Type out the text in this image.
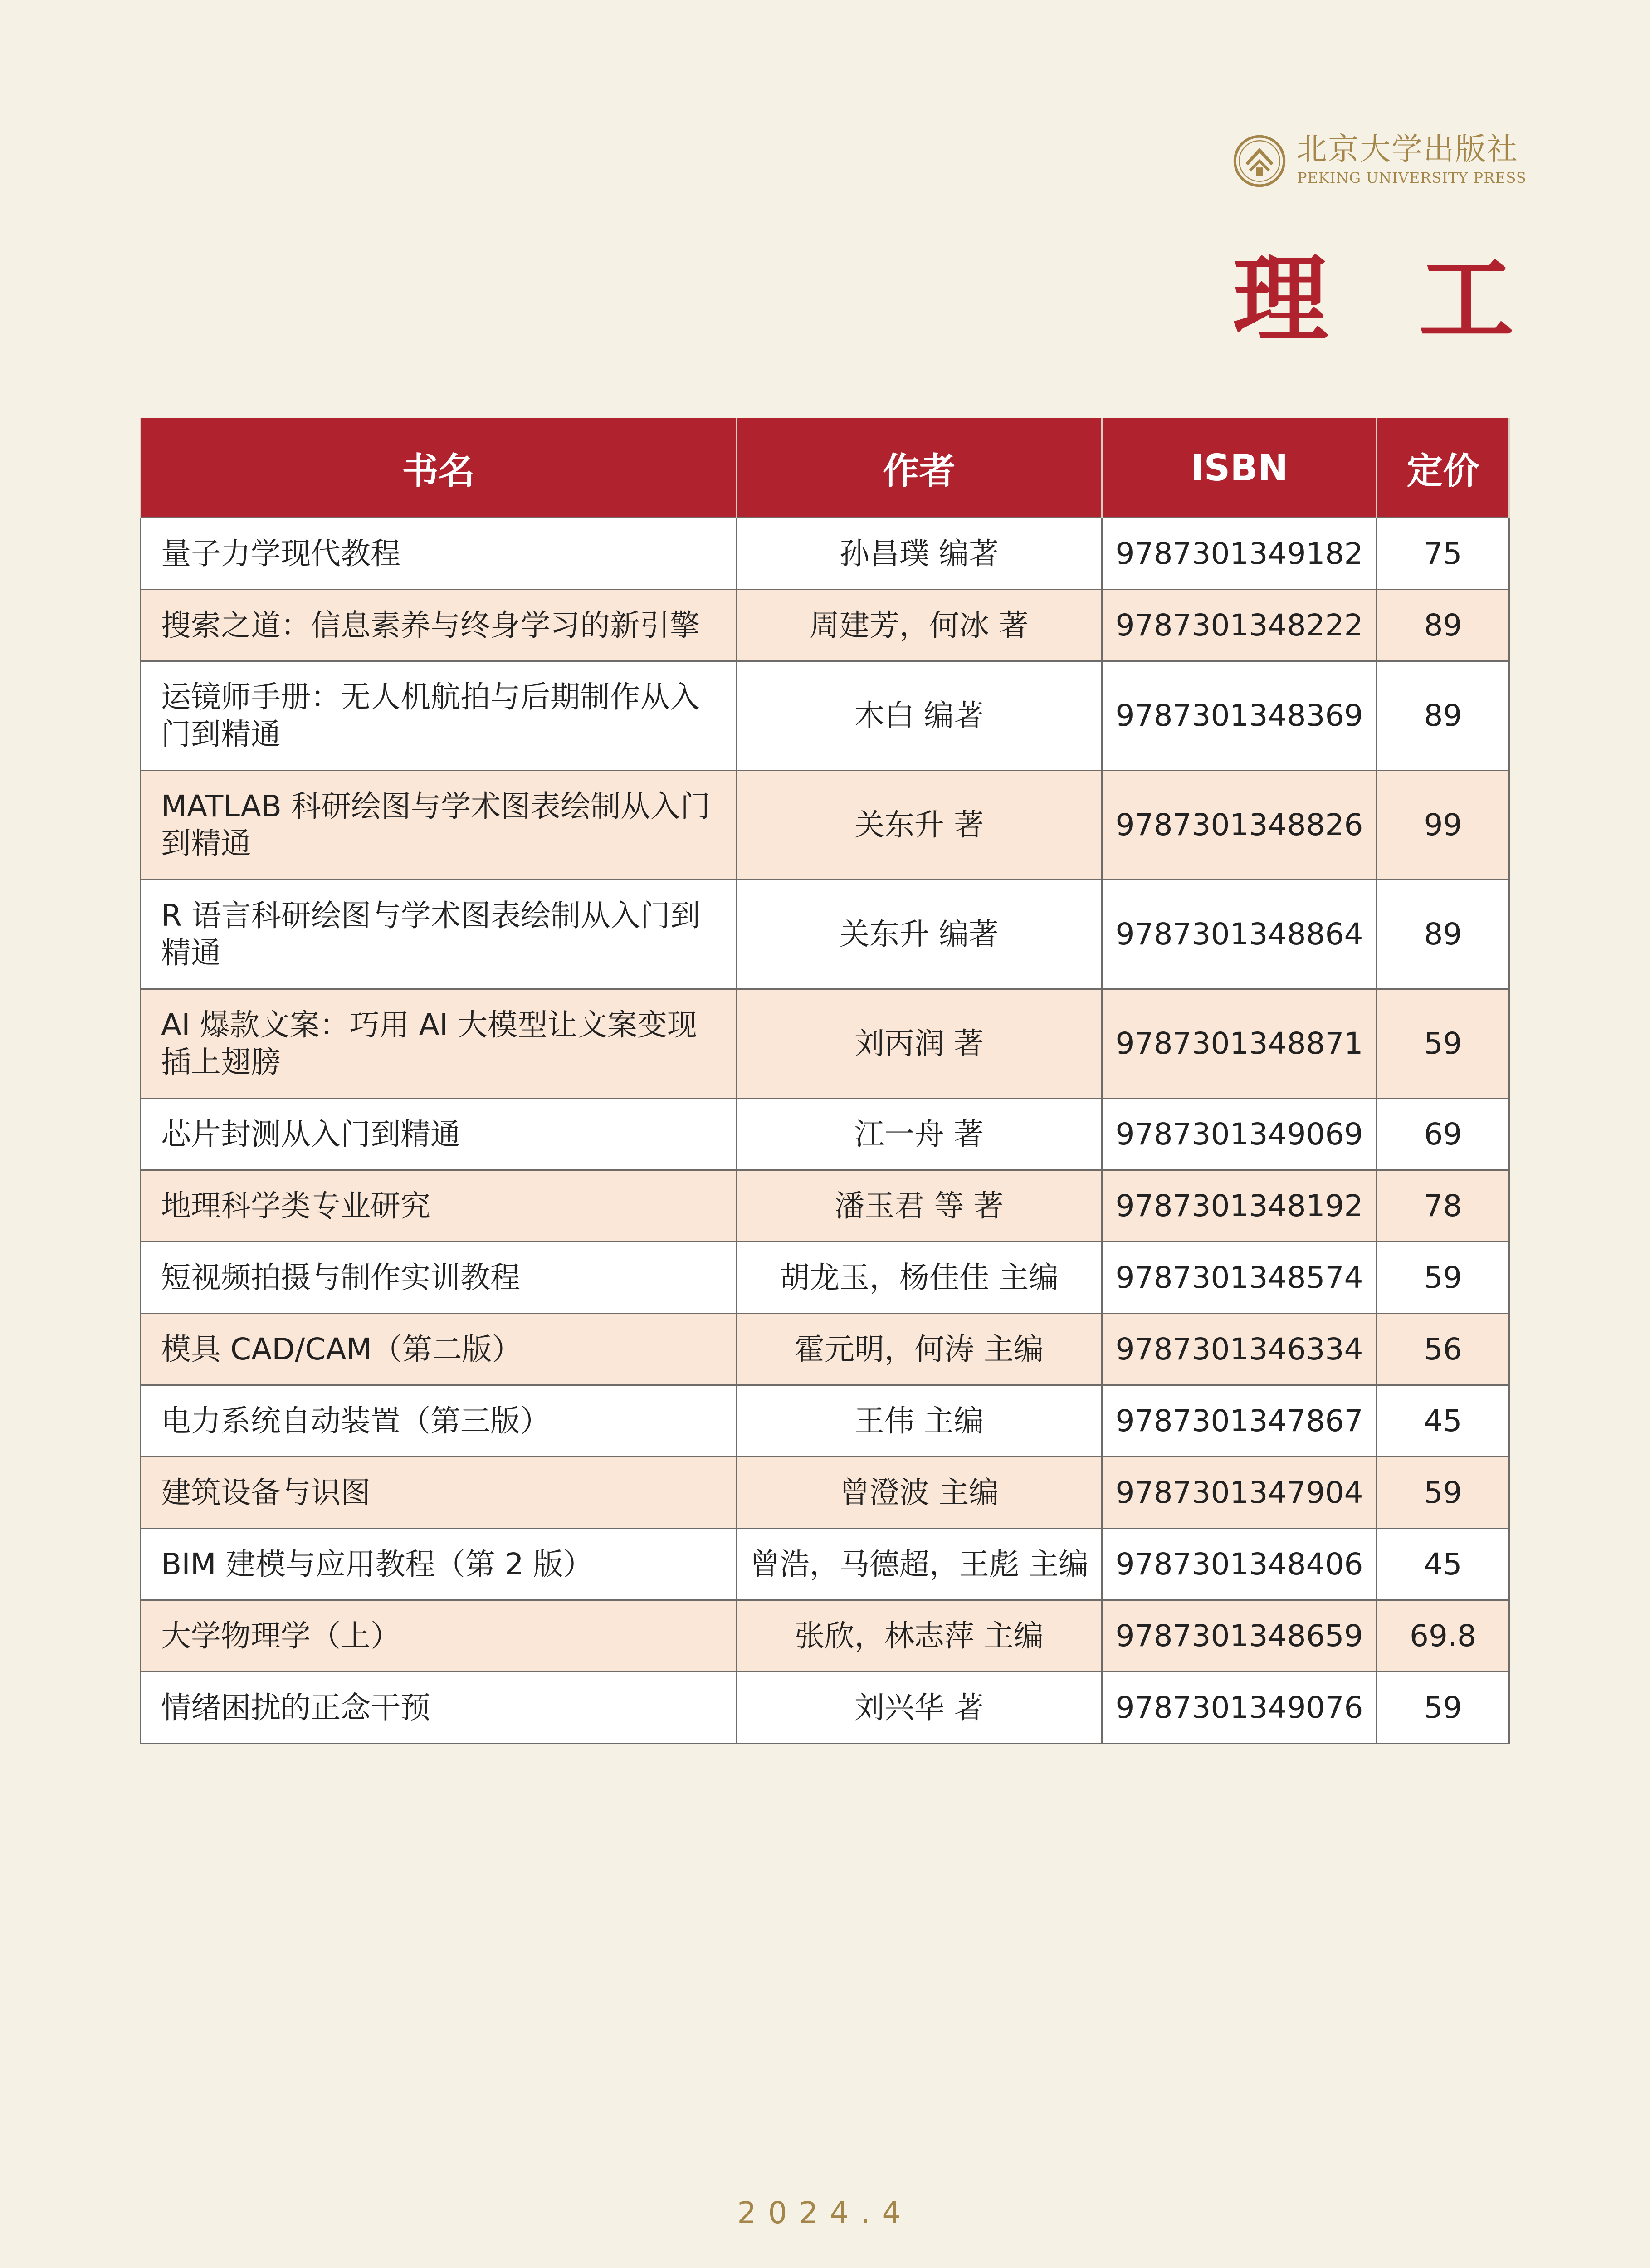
北京大学出版社
PEKING UNIVERSITY PRESS
理工
书名	作者	ISBN	定价
量子力学现代教程	孙昌璞 编著	9787301349182	75
搜索之道：信息素养与终身学习的新引擎	周建芳，何冰 著	9787301348222	89
运镜师手册：无人机航拍与后期制作从入门到精通	木白 编著	9787301348369	89
MATLAB 科研绘图与学术图表绘制从入门到精通	关东升 著	9787301348826	99
R 语言科研绘图与学术图表绘制从入门到精通	关东升 编著	9787301348864	89
AI 爆款文案：巧用 AI 大模型让文案变现插上翅膀	刘丙润 著	9787301348871	59
芯片封测从入门到精通	江一舟 著	9787301349069	69
地理科学类专业研究	潘玉君 等 著	9787301348192	78
短视频拍摄与制作实训教程	胡龙玉，杨佳佳 主编	9787301348574	59
模具 CAD/CAM（第二版）	霍元明，何涛 主编	9787301346334	56
电力系统自动装置（第三版）	王伟 主编	9787301347867	45
建筑设备与识图	曾澄波 主编	9787301347904	59
BIM 建模与应用教程（第 2 版）	曾浩，马德超，王彪 主编	9787301348406	45
大学物理学（上）	张欣，林志萍 主编	9787301348659	69.8
情绪困扰的正念干预	刘兴华 著	9787301349076	59
2024.4
